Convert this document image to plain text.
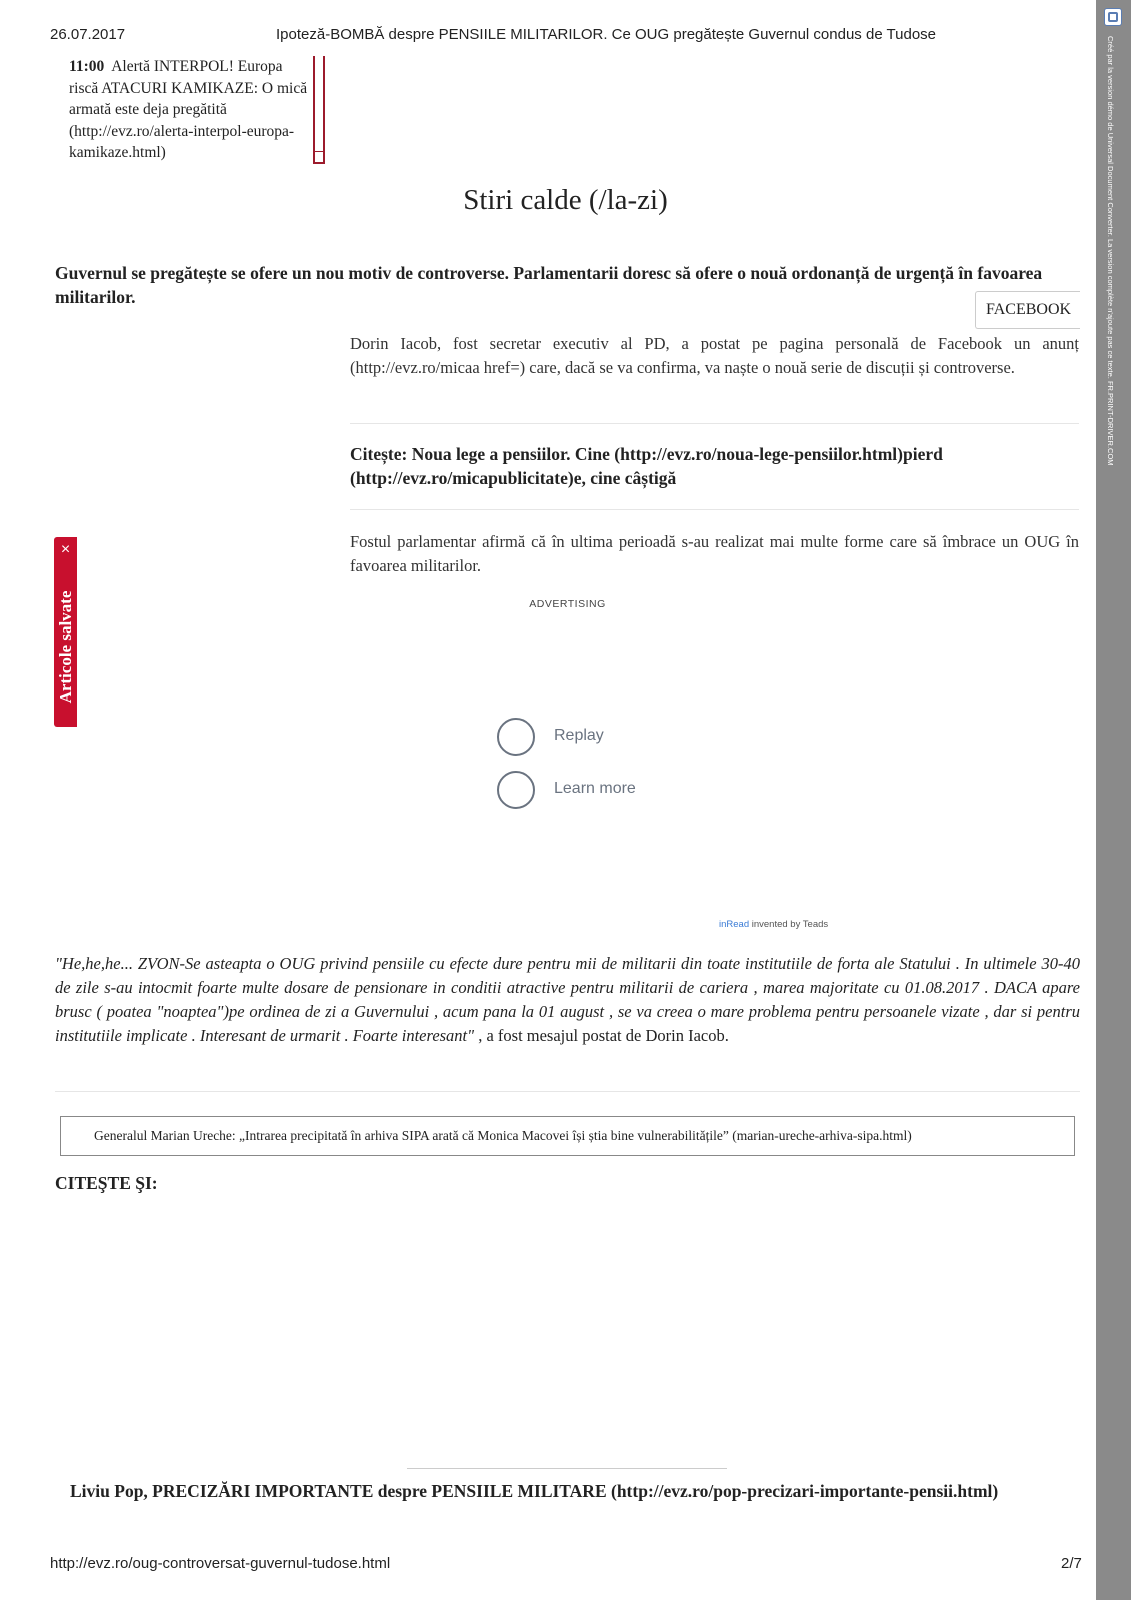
26.07.2017	Ipoteză-BOMBĂ despre PENSIILE MILITARILOR. Ce OUG pregătește Guvernul condus de Tudose
11:00 Alertă INTERPOL! Europa riscă ATACURI KAMIKAZE: O mică armată este deja pregătită (http://evz.ro/alerta-interpol-europa-kamikaze.html)
Stiri calde (/la-zi)
Guvernul se pregătește se ofere un nou motiv de controverse. Parlamentarii doresc să ofere o nouă ordonanță de urgență în favoarea militarilor.
FACEBOOK
Dorin Iacob, fost secretar executiv al PD, a postat pe pagina personală de Facebook un anunț (http://evz.ro/micaa href=) care, dacă se va confirma, va naște o nouă serie de discuții și controverse.
Citește: Noua lege a pensiilor. Cine (http://evz.ro/noua-lege-pensiilor.html)pierd (http://evz.ro/micapublicitate)e, cine câștigă
Fostul parlamentar afirmă că în ultima perioadă s-au realizat mai multe forme care să îmbrace un OUG în favoarea militarilor.
ADVERTISING
Replay
Learn more
inRead invented by Teads
×
Articole salvate
"He,he,he... ZVON-Se asteapta o OUG privind pensiile cu efecte dure pentru mii de militarii din toate institutiile de forta ale Statului . In ultimele 30-40 de zile s-au intocmit foarte multe dosare de pensionare in conditii atractive pentru militarii de cariera , marea majoritate cu 01.08.2017 . DACA apare brusc ( poatea "noaptea")pe ordinea de zi a Guvernului , acum pana la 01 august , se va creea o mare problema pentru persoanele vizate , dar si pentru institutiile implicate . Interesant de urmarit . Foarte interesant" , a fost mesajul postat de Dorin Iacob.
Generalul Marian Ureche: „Intrarea precipitată în arhiva SIPA arată că Monica Macovei își știa bine vulnerabilitățile” (marian-ureche-arhiva-sipa.html)
CITEŞTE ŞI:
Liviu Pop, PRECIZĂRI IMPORTANTE despre PENSIILE MILITARE (http://evz.ro/pop-precizari-importante-pensii.html)
http://evz.ro/oug-controversat-guvernul-tudose.html	2/7
Créé par la version démo de Universal Document Converter. La version complète n'ajoute pas ce texte. FR.PRINT-DRIVER.COM
